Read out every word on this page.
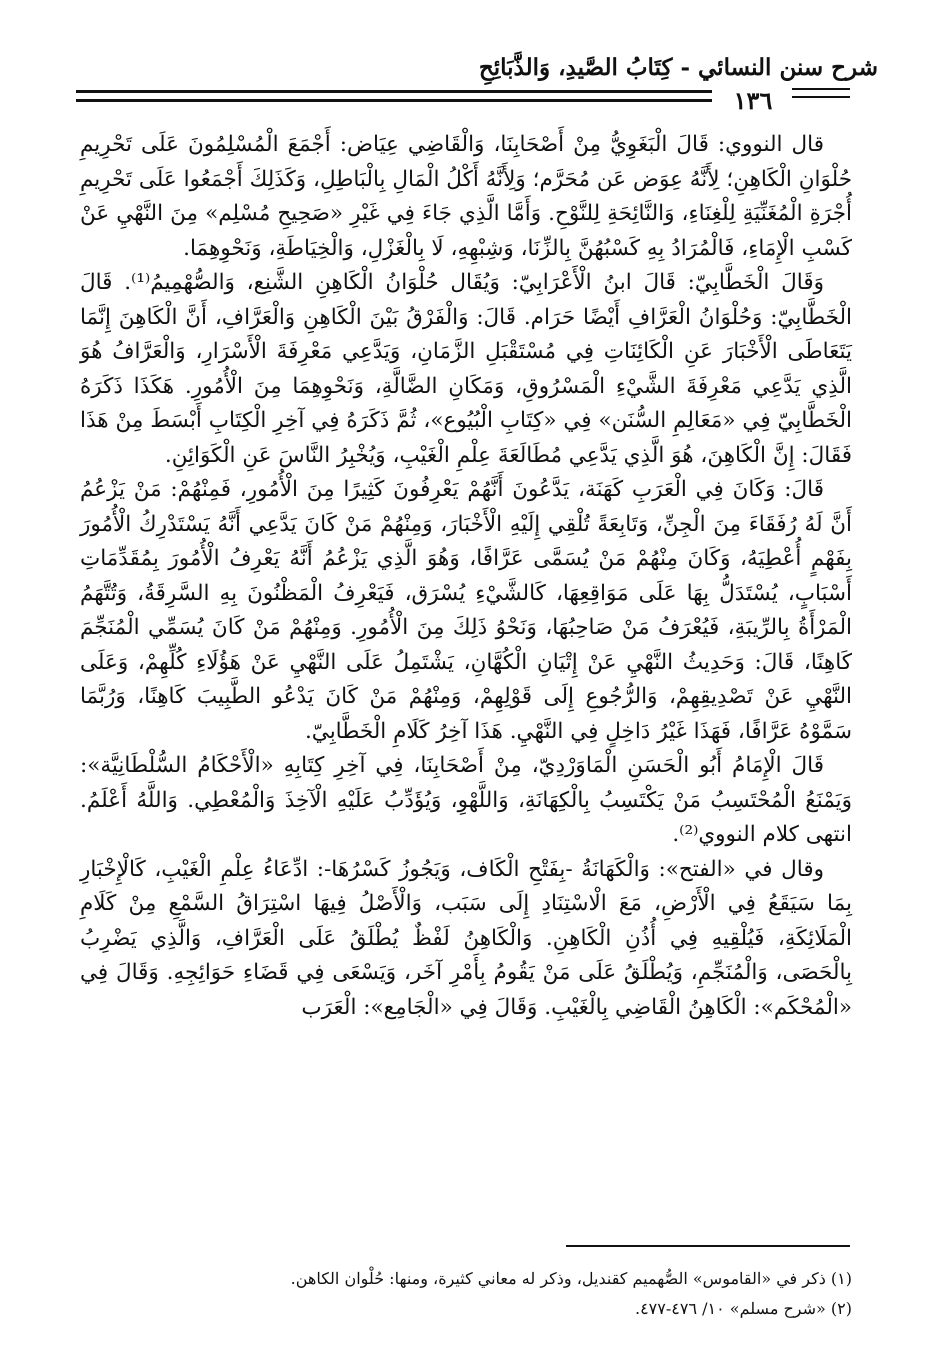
شرح سنن النسائي - كِتَابُ الصَّيدِ، وَالذَّبَائِحِ
١٣٦

قال النووي: قَالَ الْبَغَوِيُّ مِنْ أَصْحَابِنَا، وَالْقَاضِي عِيَاض: أَجْمَعَ الْمُسْلِمُونَ عَلَى تَحْرِيمِ حُلْوَانِ الْكَاهِنِ؛ لِأَنَّهُ عِوَض عَن مُحَرَّم؛ وَلِأَنَّهُ أَكْلُ الْمَالِ بِالْبَاطِلِ، وَكَذَلِكَ أَجْمَعُوا عَلَى تَحْرِيمِ أُجْرَةِ الْمُغَنِّيَةِ لِلْغِنَاءِ، وَالنَّائِحَةِ لِلنَّوْحِ. وَأَمَّا الَّذِي جَاءَ فِي غَيْرِ «صَحِيحِ مُسْلِم» مِنَ النَّهْيِ عَنْ كَسْبِ الْإِمَاءِ، فَالْمُرَادُ بِهِ كَسْبُهُنَّ بِالزِّنَا، وَشِبْهِهِ، لَا بِالْغَزْلِ، وَالْخِيَاطَةِ، وَنَحْوِهِمَا.

وَقَالَ الْخَطَّابِيّ: قَالَ ابنُ الْأَعْرَابِيّ: وَيُقَال حُلْوَانُ الْكَاهِنِ الشَّنِع، وَالصُّهْمِيمُ⁽¹⁾. قَالَ الْخَطَّابِيّ: وَحُلْوَانُ الْعَرَّافِ أَيْضًا حَرَام. قَالَ: وَالْفَرْقُ بَيْنَ الْكَاهِنِ وَالْعَرَّافِ، أَنَّ الْكَاهِنَ إِنَّمَا يَتَعَاطَى الْأَخْبَارَ عَنِ الْكَائِنَاتِ فِي مُسْتَقْبَلِ الزَّمَانِ، وَيَدَّعِي مَعْرِفَةَ الْأَسْرَارِ، وَالْعَرَّافُ هُوَ الَّذِي يَدَّعِي مَعْرِفَةَ الشَّيْءِ الْمَسْرُوقِ، وَمَكَانِ الضَّالَّةِ، وَنَحْوِهِمَا مِنَ الْأُمُورِ. هَكَذَا ذَكَرَهُ الْخَطَّابِيّ فِي «مَعَالِمِ السُّنَن» فِي «كِتَابِ الْبُيُوع»، ثُمَّ ذَكَرَهُ فِي آخِرِ الْكِتَابِ أَبْسَطَ مِنْ هَذَا فَقَالَ: إِنَّ الْكَاهِنَ، هُوَ الَّذِي يَدَّعِي مُطَالَعَةَ عِلْمِ الْغَيْبِ، وَيُخْبِرُ النَّاسَ عَنِ الْكَوَائِنِ.

قَالَ: وَكَانَ فِي الْعَرَبِ كَهَنَة، يَدَّعُونَ أَنَّهُمْ يَعْرِفُونَ كَثِيرًا مِنَ الْأُمُورِ، فَمِنْهُمْ: مَنْ يَزْعُمُ أَنَّ لَهُ رُفَقَاءَ مِنَ الْجِنِّ، وَتَابِعَةً تُلْقِي إِلَيْهِ الْأَخْبَارَ، وَمِنْهُمْ مَنْ كَانَ يَدَّعِي أَنَّهُ يَسْتَدْرِكُ الْأُمُورَ بِفَهْمٍ أُعْطِيَهُ، وَكَانَ مِنْهُمْ مَنْ يُسَمَّى عَرَّافًا، وَهُوَ الَّذِي يَزْعُمُ أَنَّهُ يَعْرِفُ الْأُمُورَ بِمُقَدِّمَاتِ أَسْبَابٍ، يُسْتَدَلُّ بِهَا عَلَى مَوَاقِعِهَا، كَالشَّيْءِ يُسْرَق، فَيَعْرِفُ الْمَظْنُونَ بِهِ السَّرِقَةُ، وَتُتَّهَمُ الْمَرْأَةُ بِالرِّيبَةِ، فَيُعْرَفُ مَنْ صَاحِبُهَا، وَنَحْوُ ذَلِكَ مِنَ الْأُمُورِ. وَمِنْهُمْ مَنْ كَانَ يُسَمِّي الْمُنَجِّمَ كَاهِنًا، قَالَ: وَحَدِيثُ النَّهْيِ عَنْ إِتْيَانِ الْكُهَّانِ، يَشْتَمِلُ عَلَى النَّهْيِ عَنْ هَؤُلَاءِ كُلِّهِمْ، وَعَلَى النَّهْيِ عَنْ تَصْدِيقِهِمْ، وَالرُّجُوعِ إِلَى قَوْلِهِمْ، وَمِنْهُمْ مَنْ كَانَ يَدْعُو الطَّبِيبَ كَاهِنًا، وَرُبَّمَا سَمَّوْهُ عَرَّافًا، فَهَذَا غَيْرُ دَاخِلٍ فِي النَّهْيِ. هَذَا آخِرُ كَلَامِ الْخَطَّابِيّ.

قَالَ الْإِمَامُ أَبُو الْحَسَنِ الْمَاوَرْدِيّ، مِنْ أَصْحَابِنَا، فِي آخِرِ كِتَابِهِ «الْأَحْكَامُ السُّلْطَانِيَّة»: وَيَمْنَعُ الْمُحْتَسِبُ مَنْ يَكْتَسِبُ بِالْكِهَانَةِ، وَاللَّهْوِ، وَيُؤَدِّبُ عَلَيْهِ الْآخِذَ وَالْمُعْطِي. وَاللَّهُ أَعْلَمُ. انتهى كلام النووي⁽²⁾.

وقال في «الفتح»: وَالْكَهَانَةُ -بِفَتْحِ الْكَاف، وَيَجُوزُ كَسْرُهَا-: ادِّعَاءُ عِلْمِ الْغَيْبِ، كَالْإِخْبَارِ بِمَا سَيَقَعُ فِي الْأَرْضِ، مَعَ الْاسْتِنَادِ إِلَى سَبَب، وَالْأَصْلُ فِيهَا اسْتِرَاقُ السَّمْعِ مِنْ كَلَامِ الْمَلَائِكَةِ، فَيُلْقِيهِ فِي أُذُنِ الْكَاهِنِ. وَالْكَاهِنُ لَفْظٌ يُطْلَقُ عَلَى الْعَرَّافِ، وَالَّذِي يَضْرِبُ بِالْحَصَى، وَالْمُنَجِّمِ، وَيُطْلَقُ عَلَى مَنْ يَقُومُ بِأَمْرِ آخَر، وَيَسْعَى فِي قَضَاءِ حَوَائِجِهِ. وَقَالَ فِي «الْمُحْكَم»: الْكَاهِنُ الْقَاضِي بِالْغَيْبِ. وَقَالَ فِي «الْجَامِع»: الْعَرَب

(١) ذكر في «القاموس» الصُّهميم كقنديل، وذكر له معاني كثيرة، ومنها: حُلْوان الكاهن.
(٢) «شرح مسلم» ١٠/ ٤٧٦-٤٧٧.
